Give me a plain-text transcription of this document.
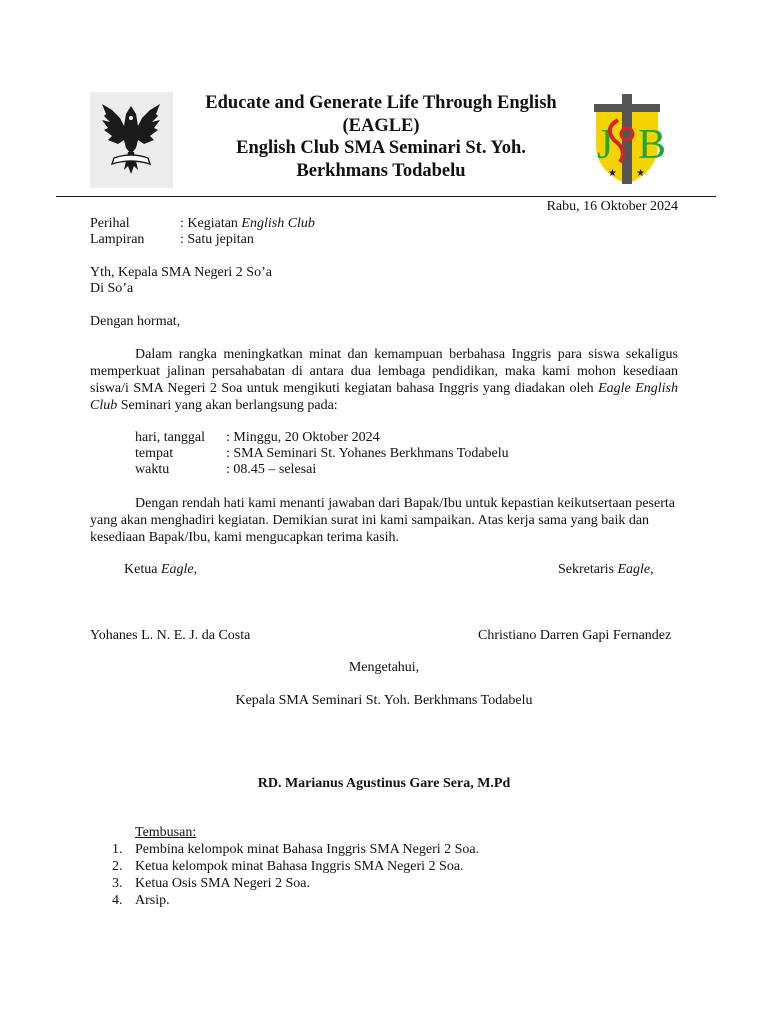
Educate and Generate Life Through English
(EAGLE)
English Club SMA Seminari St. Yoh.
Berkhmans Todabelu
J B
★ ★
Rabu, 16 Oktober 2024
Perihal	: Kegiatan English Club
Lampiran	: Satu jepitan
Yth, Kepala SMA Negeri 2 So’a
Di So’a
Dengan hormat,
Dalam rangka meningkatkan minat dan kemampuan berbahasa Inggris para siswa sekaligus memperkuat jalinan persahabatan di antara dua lembaga pendidikan, maka kami mohon kesediaan siswa/i SMA Negeri 2 Soa untuk mengikuti kegiatan bahasa Inggris yang diadakan oleh Eagle English Club Seminari yang akan berlangsung pada:
hari, tanggal : Minggu, 20 Oktober 2024
tempat	: SMA Seminari St. Yohanes Berkhmans Todabelu
waktu	: 08.45 – selesai
Dengan rendah hati kami menanti jawaban dari Bapak/Ibu untuk kepastian keikutsertaan peserta yang akan menghadiri kegiatan. Demikian surat ini kami sampaikan. Atas kerja sama yang baik dan kesediaan Bapak/Ibu, kami mengucapkan terima kasih.
Ketua Eagle,	Sekretaris Eagle,
Yohanes L. N. E. J. da Costa	Christiano Darren Gapi Fernandez
Mengetahui,
Kepala SMA Seminari St. Yoh. Berkhmans Todabelu
RD. Marianus Agustinus Gare Sera, M.Pd
Tembusan:
1. Pembina kelompok minat Bahasa Inggris SMA Negeri 2 Soa.
2. Ketua kelompok minat Bahasa Inggris SMA Negeri 2 Soa.
3. Ketua Osis SMA Negeri 2 Soa.
4. Arsip.
